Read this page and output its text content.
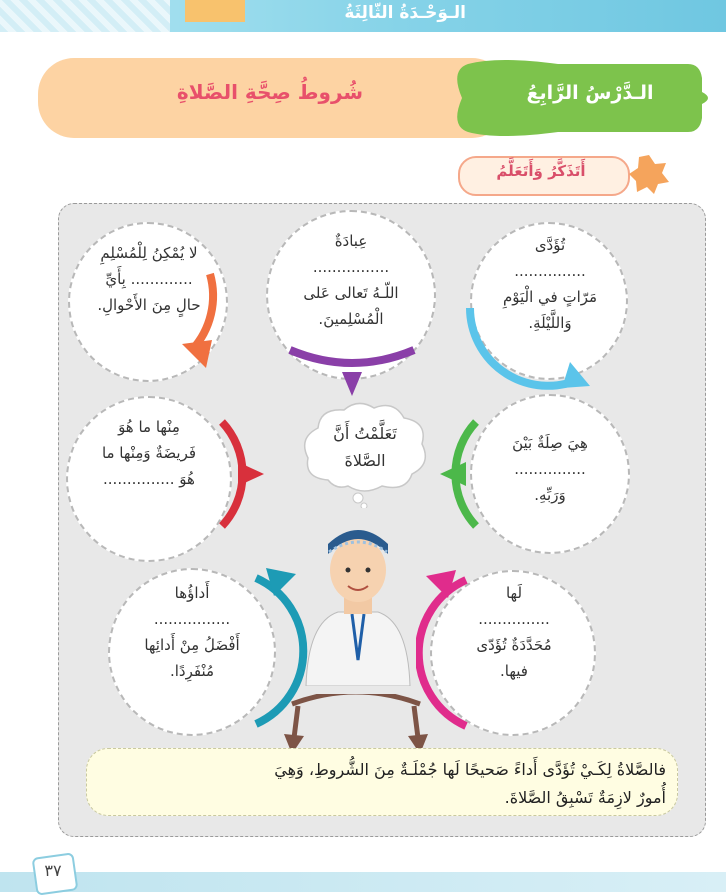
الـوَحْـدَةُ الثّالِثَةُ
شُروطُ صِحَّةِ الصَّلاةِ	الـدَّرْسُ الرَّابِعُ
أَتَذَكَّرُ وَأَتَعَلَّمُ
تُؤَدَّى
...............
مَرّاتٍ في الْيَوْمِ
وَاللَّيْلَةِ.
عِبادَةٌ
................
اللّـهُ تَعالى عَلى
الْمُسْلِمينَ.
لا يُمْكِنُ لِلْمُسْلِمِ
............. بِأَيِّ
حالٍ مِنَ الأَحْوالِ.
هِيَ صِلَةٌ بَيْنَ
...............
وَرَبِّهِ.
مِنْها ما هُوَ
فَريضَةٌ وَمِنْها ما
هُوَ ...............
لَها
...............
مُحَدَّدَةٌ تُؤَدّى
فيها.
أَداؤُها
................
أَفْضَلُ مِنْ أَدائِها
مُنْفَرِدًا.
تَعَلَّمْتُ أَنَّ
الصَّلاةَ
فالصَّلاةُ لِكَـيْ تُؤَدَّى أَداءً صَحيحًا لَها جُمْلَـةٌ مِنَ الشُّروطِ، وَهِيَ
أُمورٌ لازِمَةٌ تَسْبِقُ الصَّلاةَ.
٣٧
